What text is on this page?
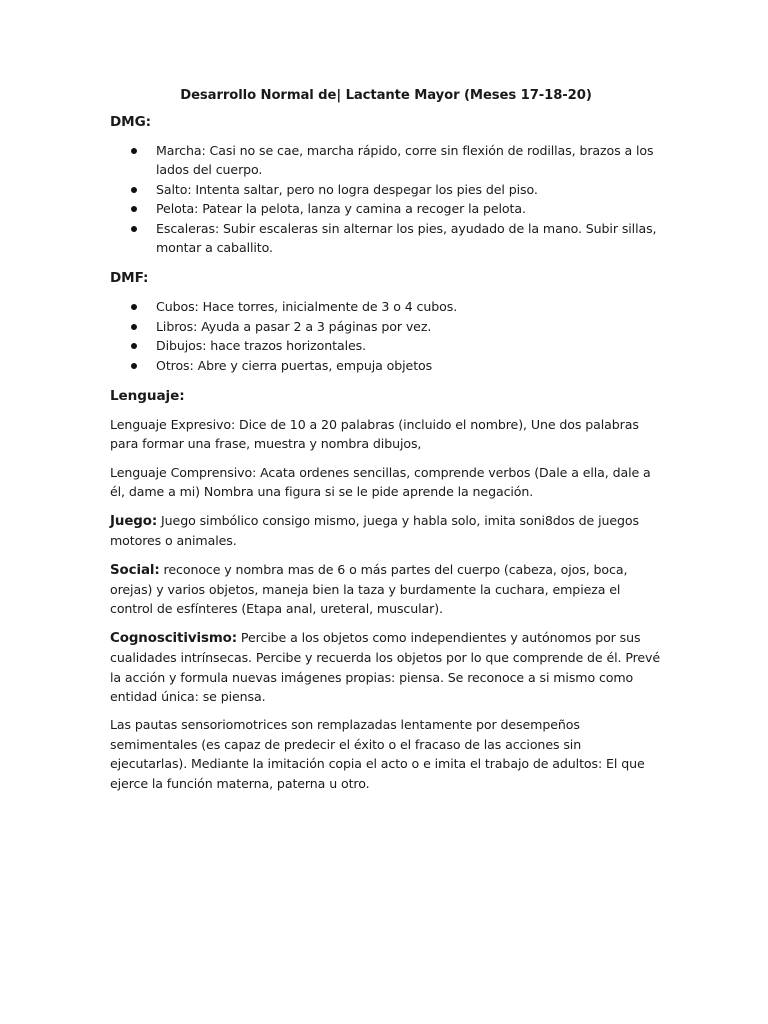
Desarrollo Normal de| Lactante Mayor (Meses 17-18-20)
DMG:
Marcha: Casi no se cae, marcha rápido, corre sin flexión de rodillas, brazos a los lados del cuerpo.
Salto: Intenta saltar, pero no logra despegar los pies del piso.
Pelota: Patear la pelota, lanza y camina a recoger la pelota.
Escaleras: Subir escaleras sin alternar los pies, ayudado de la mano. Subir sillas, montar a caballito.
DMF:
Cubos: Hace torres, inicialmente de 3 o 4 cubos.
Libros: Ayuda a pasar 2 a 3 páginas por vez.
Dibujos: hace trazos horizontales.
Otros: Abre y cierra puertas, empuja objetos
Lenguaje:

Lenguaje Expresivo: Dice de 10 a 20 palabras (incluido el nombre), Une dos palabras para formar una frase, muestra y nombra dibujos,

Lenguaje Comprensivo: Acata ordenes sencillas, comprende verbos (Dale a ella, dale a él, dame a mi) Nombra una figura si se le pide aprende la negación.

Juego: Juego simbólico consigo mismo, juega y habla solo, imita soni8dos de juegos motores o animales.

Social: reconoce y nombra mas de 6 o más partes del cuerpo (cabeza, ojos, boca, orejas) y varios objetos, maneja bien la taza y burdamente la cuchara, empieza el control de esfínteres (Etapa anal, ureteral, muscular).

Cognoscitivismo: Percibe a los objetos como independientes y autónomos por sus cualidades intrínsecas. Percibe y recuerda los objetos por lo que comprende de él. Prevé la acción y formula nuevas imágenes propias: piensa. Se reconoce a si mismo como entidad única: se piensa.

Las pautas sensoriomotrices son remplazadas lentamente por desempeños semimentales (es capaz de predecir el éxito o el fracaso de las acciones sin ejecutarlas). Mediante la imitación copia el acto o e imita el trabajo de adultos: El que ejerce la función materna, paterna u otro.
